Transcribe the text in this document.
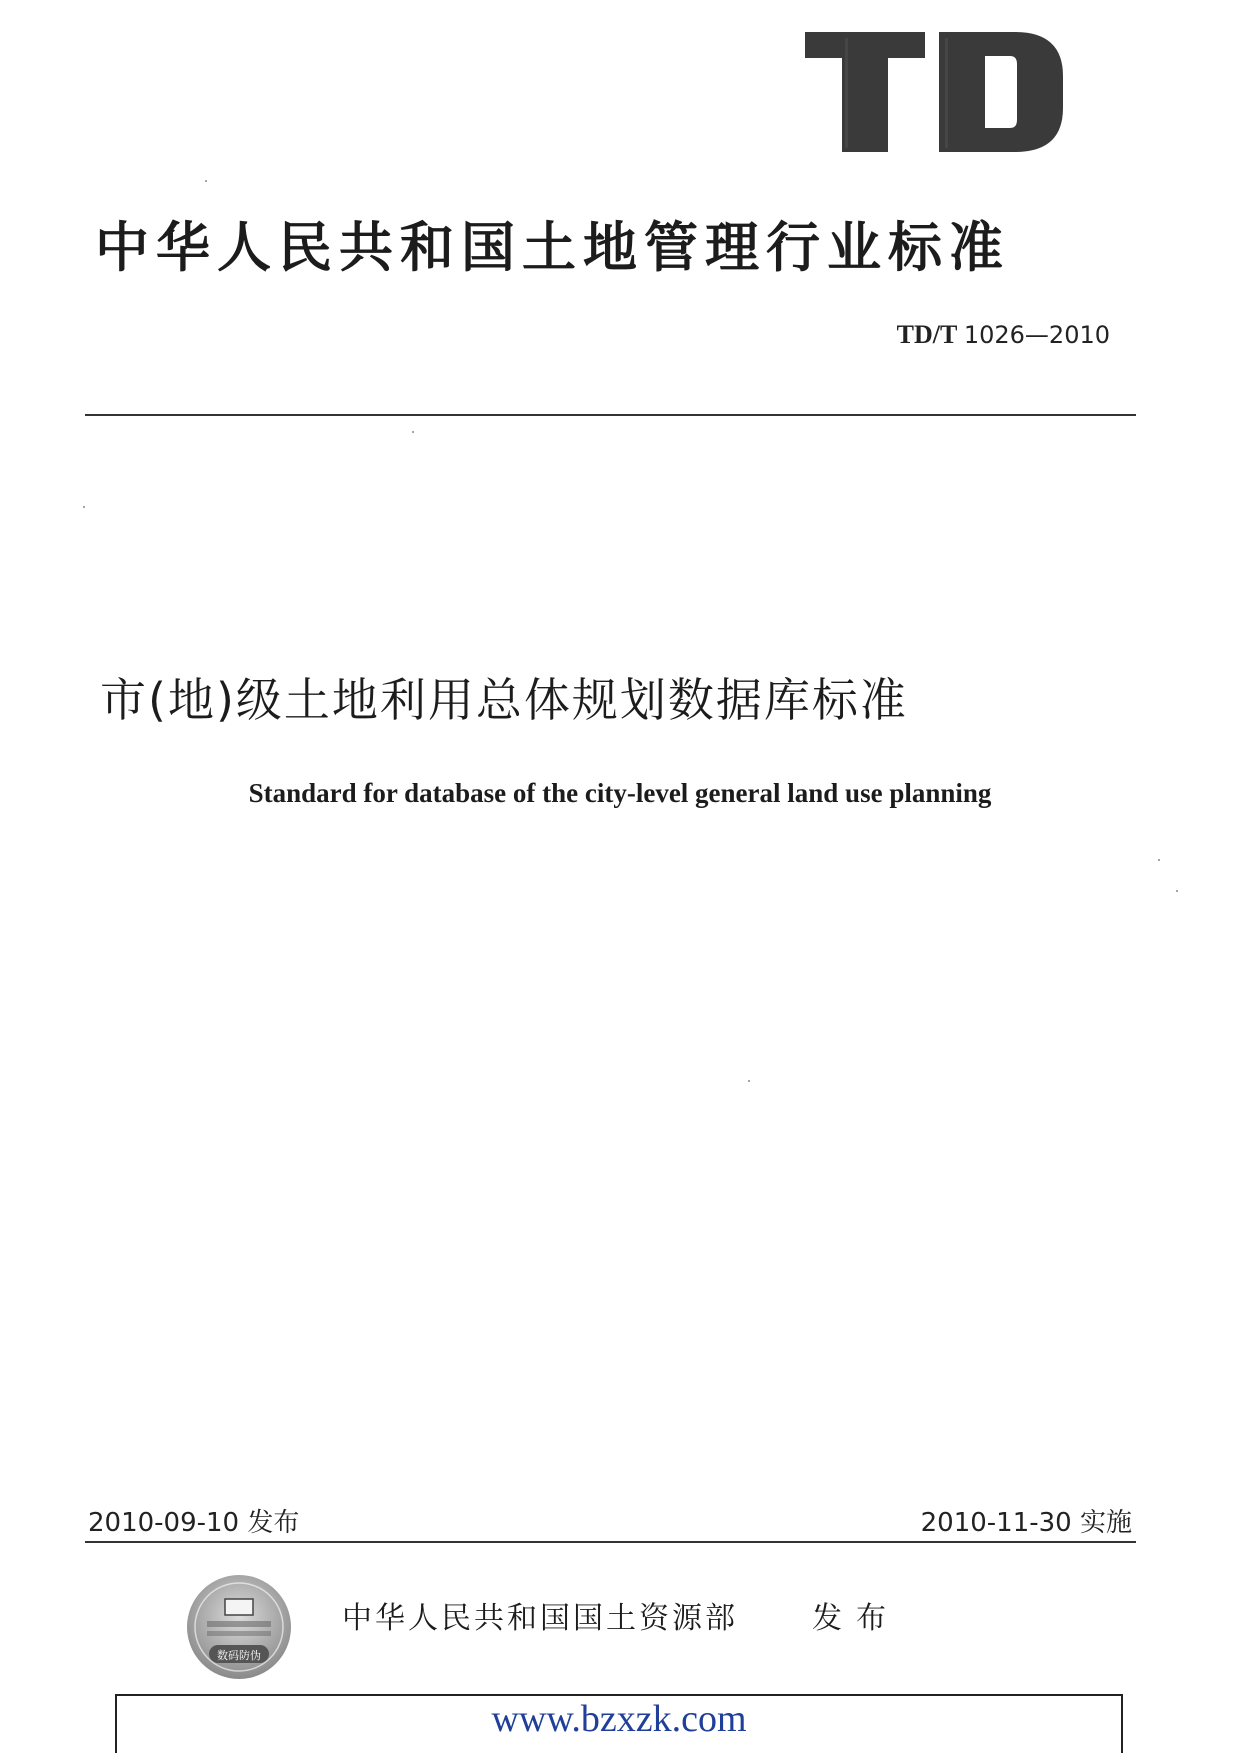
中华人民共和国土地管理行业标准
TD/T 1026—2010
市(地)级土地利用总体规划数据库标准
Standard for database of the city-level general land use planning
2010-09-10 发布	2010-11-30 实施
数码防伪
中华人民共和国国土资源部 发布
www.bzxzk.com
